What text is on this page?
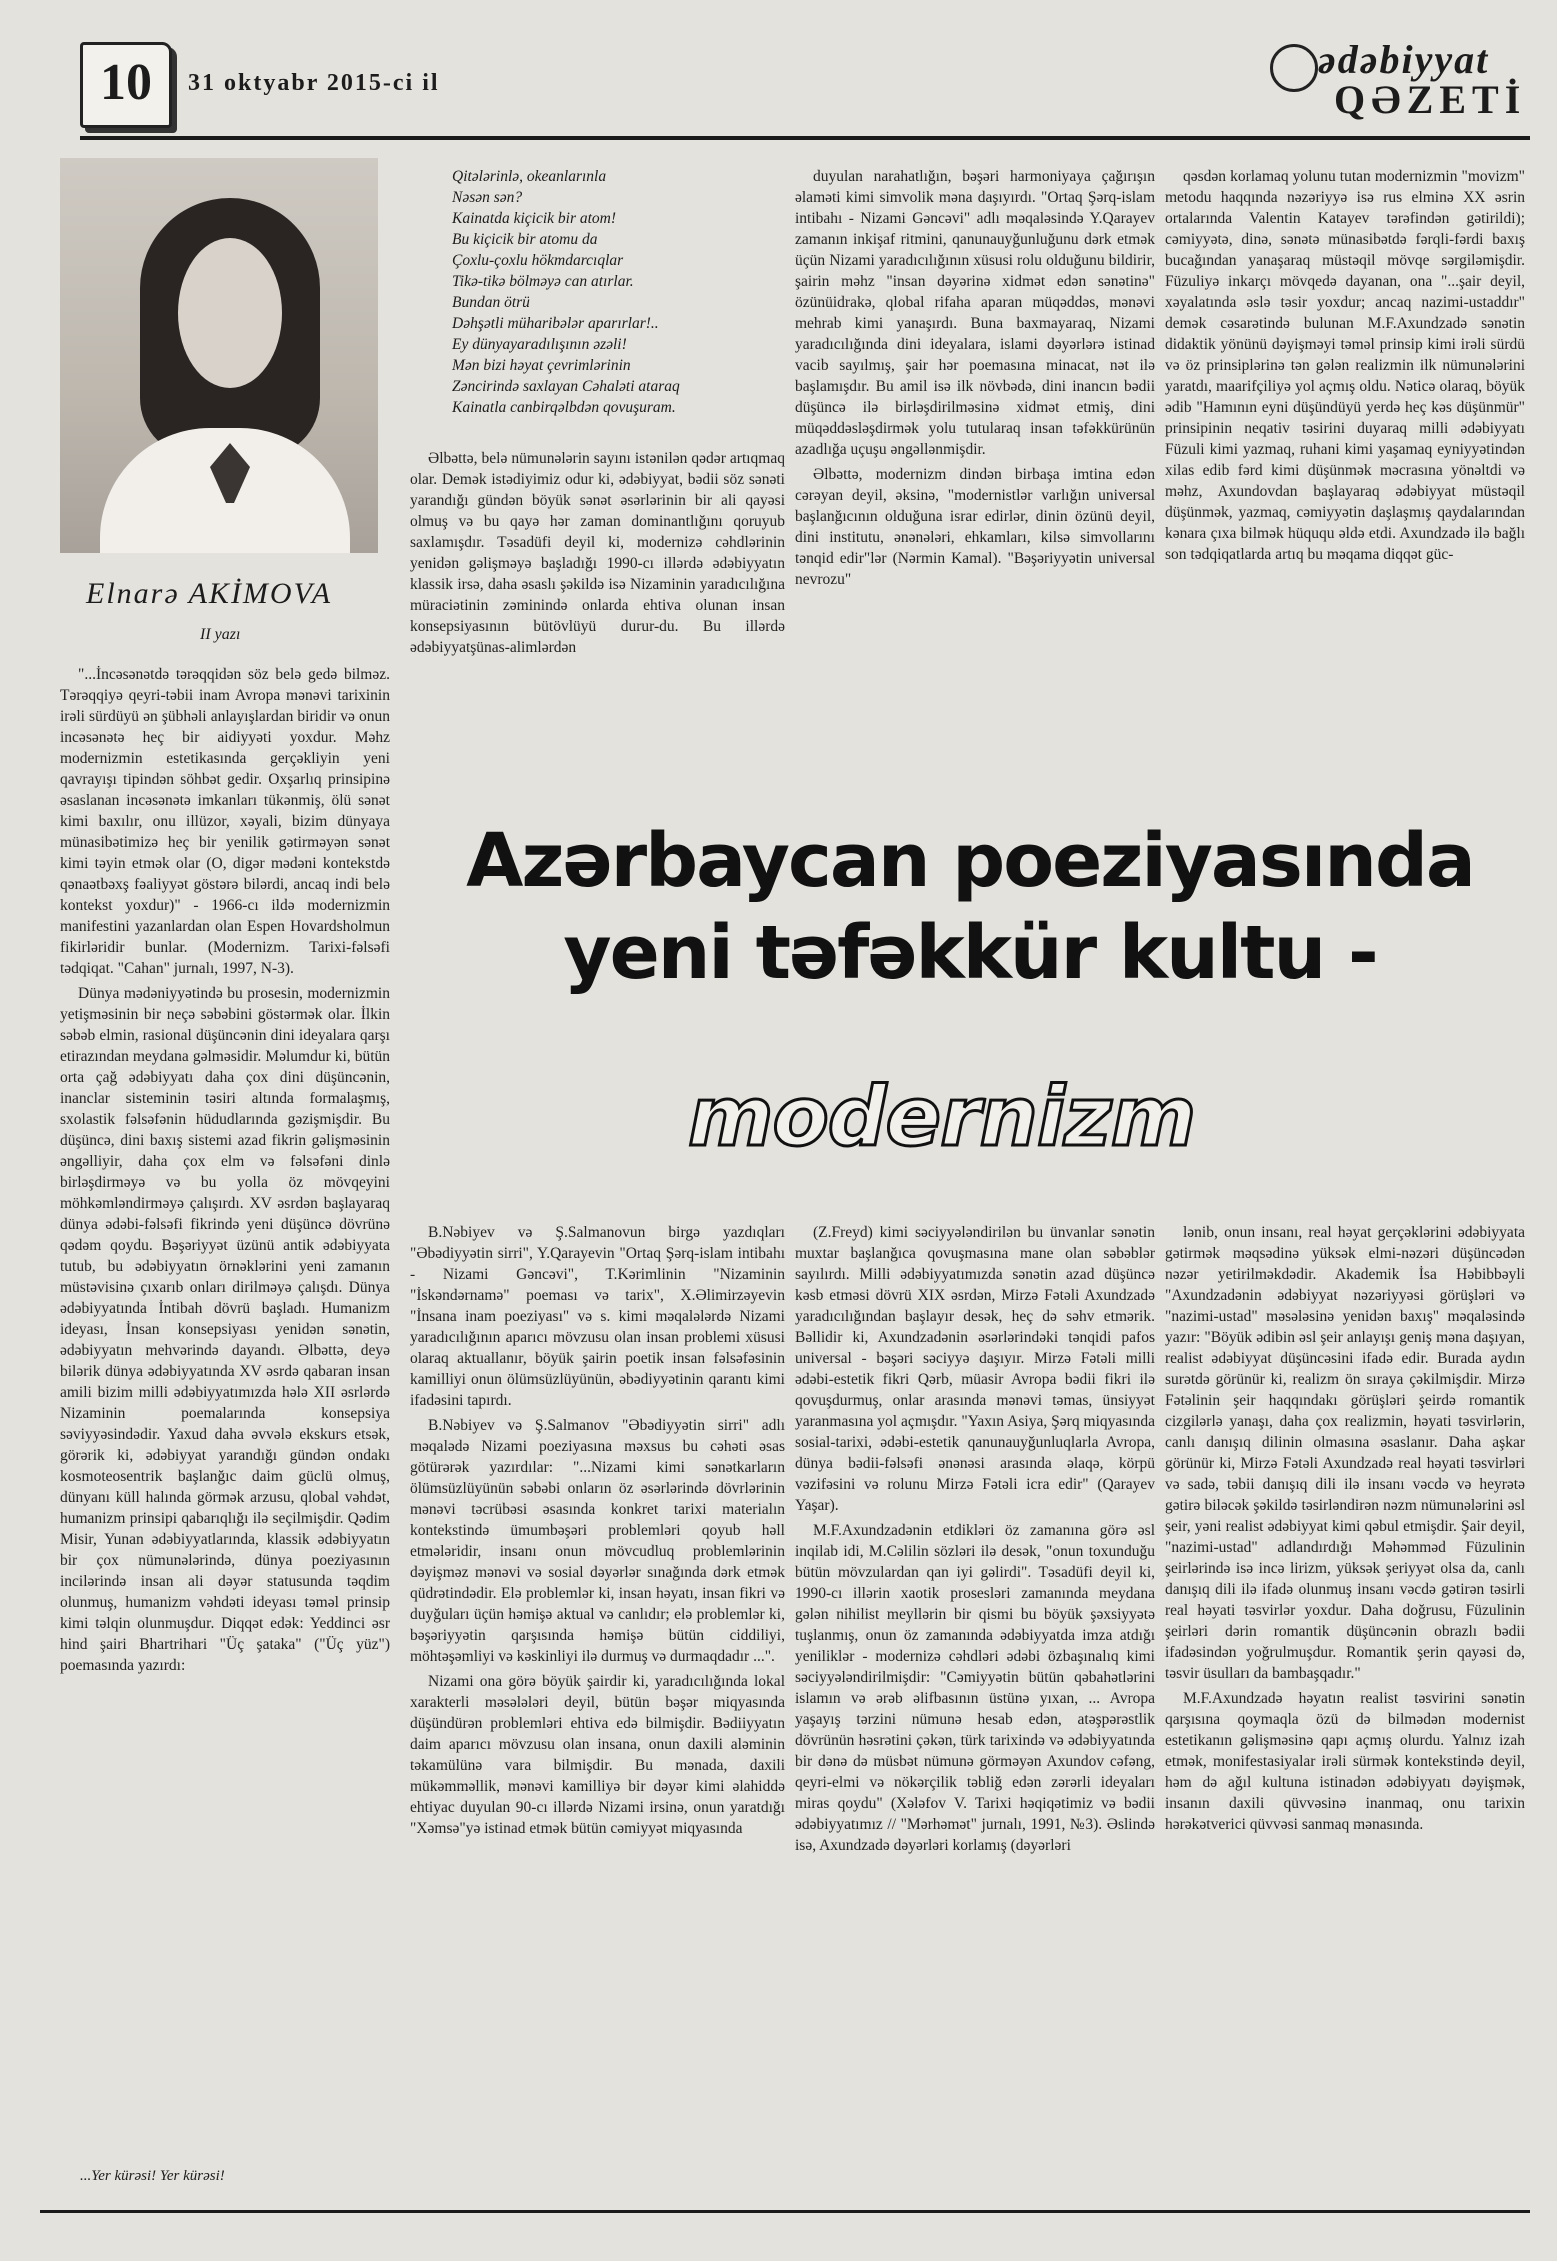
10	31 oktyabr 2015-ci il
ədəbiyyat
QƏZETİ
Elnarə AKİMOVA
II yazı

"...İncəsənətdə tərəqqidən söz belə gedə bilməz. Tərəqqiyə qeyri-təbii inam Avropa mənəvi tarixinin irəli sürdüyü ən şübhəli anlayışlardan biridir və onun incəsənətə heç bir aidiyyəti yoxdur. Məhz modernizmin estetikasında gerçəkliyin yeni qavrayışı tipindən söhbət gedir. Oxşarlıq prinsipinə əsaslanan incəsənətə imkanları tükənmiş, ölü sənət kimi baxılır, onu illüzor, xəyali, bizim dünyaya münasibətimizə heç bir yenilik gətirməyən sənət kimi təyin etmək olar (O, digər mədəni kontekstdə qənaətbəxş fəaliyyət göstərə bilərdi, ancaq indi belə kontekst yoxdur)" - 1966-cı ildə modernizmin manifestini yazanlardan olan Espen Hovardsholmun fikirləridir bunlar. (Modernizm. Tarixi-fəlsəfi tədqiqat. "Cahan" jurnalı, 1997, N-3).

Dünya mədəniyyətində bu prosesin, modernizmin yetişməsinin bir neçə səbəbini göstərmək olar. İlkin səbəb elmin, rasional düşüncənin dini ideyalara qarşı etirazından meydana gəlməsidir. Məlumdur ki, bütün orta çağ ədəbiyyatı daha çox dini düşüncənin, inanclar sisteminin təsiri altında formalaşmış, sxolastik fəlsəfənin hüdudlarında gəzişmişdir. Bu düşüncə, dini baxış sistemi azad fikrin gəlişməsinin əngəlliyir, daha çox elm və fəlsəfəni dinlə birləşdirməyə və bu yolla öz mövqeyini möhkəmləndirməyə çalışırdı. XV əsrdən başlayaraq dünya ədəbi-fəlsəfi fikrində yeni düşüncə dövrünə qədəm qoydu. Bəşəriyyət üzünü antik ədəbiyyata tutub, bu ədəbiyyatın örnəklərini yeni zamanın müstəvisinə çıxarıb onları dirilməyə çalışdı. Dünya ədəbiyyatında İntibah dövrü başladı. Humanizm ideyası, İnsan konsepsiyası yenidən sənətin, ədəbiyyatın mehvərində dayandı. Əlbəttə, deyə bilərik dünya ədəbiyyatında XV əsrdə qabaran insan amili bizim milli ədəbiyyatımızda hələ XII əsrlərdə Nizaminin poemalarında konsepsiya səviyyəsindədir. Yaxud daha əvvələ ekskurs etsək, görərik ki, ədəbiyyat yarandığı gündən ondakı kosmoteosentrik başlanğıc daim güclü olmuş, dünyanı küll halında görmək arzusu, qlobal vəhdət, humanizm prinsipi qabarıqlığı ilə seçilmişdir. Qədim Misir, Yunan ədəbiyyatlarında, klassik ədəbiyyatın bir çox nümunələrində, dünya poeziyasının incilərində insan ali dəyər statusunda təqdim olunmuş, humanizm vəhdəti ideyası təməl prinsip kimi təlqin olunmuşdur. Diqqət edək: Yeddinci əsr hind şairi Bhartrihari "Üç şataka" ("Üç yüz") poemasında yazırdı:

...Yer kürəsi! Yer kürəsi!
Qitələrinlə, okeanlarınla
Nəsən sən?
Kainatda kiçicik bir atom!
Bu kiçicik bir atomu da
Çoxlu-çoxlu hökmdarcıqlar
Tikə-tikə bölməyə can atırlar.
Bundan ötrü
Dəhşətli müharibələr aparırlar!..
Ey dünyayaradılışının əzəli!
Mən bizi həyat çevrimlərinin
Zəncirində saxlayan Cəhaləti ataraq
Kainatla canbirqəlbdən qovuşuram.

Əlbəttə, belə nümunələrin sayını istənilən qədər artıqmaq olar. Demək istədiyimiz odur ki, ədəbiyyat, bədii söz sənəti yarandığı gündən böyük sənət əsərlərinin bir ali qayəsi olmuş və bu qayə hər zaman dominantlığını qoruyub saxlamışdır. Təsadüfi deyil ki, modernizə cəhdlərinin yenidən gəlişməyə başladığı 1990-cı illərdə ədəbiyyatın klassik irsə, daha əsaslı şəkildə isə Nizaminin yaradıcılığına müraciətinin zəminində onlarda ehtiva olunan insan konsepsiyasının bütövlüyü durur-du. Bu illərdə ədəbiyyatşünas-alimlərdən

duyulan narahatlığın, bəşəri harmoniyaya çağırışın əlaməti kimi simvolik məna daşıyırdı. "Ortaq Şərq-islam intibahı - Nizami Gəncəvi" adlı məqaləsində Y.Qarayev zamanın inkişaf ritmini, qanunauyğunluğunu dərk etmək üçün Nizami yaradıcılığının xüsusi rolu olduğunu bildirir, şairin məhz "insan dəyərinə xidmət edən sənətinə" özünüidrakə, qlobal rifaha aparan müqəddəs, mənəvi mehrab kimi yanaşırdı. Buna baxmayaraq, Nizami yaradıcılığında dini ideyalara, islami dəyərlərə istinad vacib sayılmış, şair hər poemasına minacat, nət ilə başlamışdır. Bu amil isə ilk növbədə, dini inancın bədii düşüncə ilə birləşdirilməsinə xidmət etmiş, dini müqəddəsləşdirmək yolu tutularaq insan təfəkkürünün azadlığa uçuşu əngəllənmişdir.

Əlbəttə, modernizm dindən birbaşa imtina edən cərəyan deyil, əksinə, "modernistlər varlığın universal başlanğıcının olduğuna israr edirlər, dinin özünü deyil, dini institutu, ənənələri, ehkamları, kilsə simvollarını tənqid edir"lər (Nərmin Kamal). "Bəşəriyyətin universal nevrozu"

qəsdən korlamaq yolunu tutan modernizmin "movizm" metodu haqqında nəzəriyyə isə rus elminə XX əsrin ortalarında Valentin Katayev tərəfindən gətirildi); cəmiyyətə, dinə, sənətə münasibətdə fərqli-fərdi baxış bucağından yanaşaraq müstəqil mövqe sərgiləmişdir. Füzuliyə inkarçı mövqedə dayanan, ona "...şair deyil, xəyalatında əslə təsir yoxdur; ancaq nazimi-ustaddır" demək cəsarətində bulunan M.F.Axundzadə sənətin didaktik yönünü dəyişməyi təməl prinsip kimi irəli sürdü və öz prinsiplərinə tən gələn realizmin ilk nümunələrini yaratdı, maarifçiliyə yol açmış oldu. Nəticə olaraq, böyük ədib "Hamının eyni düşündüyü yerdə heç kəs düşünmür" prinsipinin neqativ təsirini duyaraq milli ədəbiyyatı Füzuli kimi yazmaq, ruhani kimi yaşamaq eyniyyətindən xilas edib fərd kimi düşünmək məcrasına yönəltdi və məhz, Axundovdan başlayaraq ədəbiyyat müstəqil düşünmək, yazmaq, cəmiyyətin daşlaşmış qaydalarından kənara çıxa bilmək hüququ əldə etdi. Axundzadə ilə bağlı son tədqiqatlarda artıq bu məqama diqqət güc-

Azərbaycan poeziyasında
yeni təfəkkür kultu -
modernizm

B.Nəbiyev və Ş.Salmanovun birgə yazdıqları "Əbədiyyətin sirri", Y.Qarayevin "Ortaq Şərq-islam intibahı - Nizami Gəncəvi", T.Kərimlinin "Nizaminin "İskəndərnamə" poeması və tarix", X.Əlimirzəyevin "İnsana inam poeziyası" və s. kimi məqalələrdə Nizami yaradıcılığının aparıcı mövzusu olan insan problemi xüsusi olaraq aktuallanır, böyük şairin poetik insan fəlsəfəsinin kamilliyi onun ölümsüzlüyünün, əbədiyyətinin qarantı kimi ifadəsini tapırdı.

B.Nəbiyev və Ş.Salmanov "Əbədiyyətin sirri" adlı məqalədə Nizami poeziyasına məxsus bu cəhəti əsas götürərək yazırdılar: "...Nizami kimi sənətkarların ölümsüzlüyünün səbəbi onların öz əsərlərində dövrlərinin mənəvi təcrübəsi əsasında konkret tarixi materialın kontekstində ümumbəşəri problemləri qoyub həll etmələridir, insanı onun mövcudluq problemlərinin dəyişməz mənəvi və sosial dəyərlər sınağında dərk etmək qüdrətindədir. Elə problemlər ki, insan həyatı, insan fikri və duyğuları üçün həmişə aktual və canlıdır; elə problemlər ki, bəşəriyyətin qarşısında həmişə bütün ciddiliyi, möhtəşəmliyi və kəskinliyi ilə durmuş və durmaqdadır ...".

Nizami ona görə böyük şairdir ki, yaradıcılığında lokal xarakterli məsələləri deyil, bütün bəşər miqyasında düşündürən problemləri ehtiva edə bilmişdir. Bədiiyyatın daim aparıcı mövzusu olan insana, onun daxili aləminin təkamülünə vara bilmişdir. Bu mənada, daxili mükəmməllik, mənəvi kamilliyə bir dəyər kimi əlahiddə ehtiyac duyulan 90-cı illərdə Nizami irsinə, onun yaratdığı "Xəmsə"yə istinad etmək bütün cəmiyyət miqyasında

(Z.Freyd) kimi səciyyələndirilən bu ünvanlar sənətin muxtar başlanğıca qovuşmasına mane olan səbəblər sayılırdı. Milli ədəbiyyatımızda sənətin azad düşüncə kəsb etməsi dövrü XIX əsrdən, Mirzə Fətəli Axundzadə yaradıcılığından başlayır desək, heç də səhv etmərik. Bəllidir ki, Axundzadənin əsərlərindəki tənqidi pafos universal - bəşəri səciyyə daşıyır. Mirzə Fətəli milli ədəbi-estetik fikri Qərb, müasir Avropa bədii fikri ilə qovuşdurmuş, onlar arasında mənəvi təmas, ünsiyyət yaranmasına yol açmışdır. "Yaxın Asiya, Şərq miqyasında sosial-tarixi, ədəbi-estetik qanunauyğunluqlarla Avropa, dünya bədii-fəlsəfi ənənəsi arasında əlaqə, körpü vəzifəsini və rolunu Mirzə Fətəli icra edir" (Qarayev Yaşar).

M.F.Axundzadənin etdikləri öz zamanına görə əsl inqilab idi, M.Cəlilin sözləri ilə desək, "onun toxunduğu bütün mövzulardan qan iyi gəlirdi". Təsadüfi deyil ki, 1990-cı illərin xaotik prosesləri zamanında meydana gələn nihilist meyllərin bir qismi bu böyük şəxsiyyətə tuşlanmış, onun öz zamanında ədəbiyyatda imza atdığı yeniliklər - modernizə cəhdləri ədəbi özbaşınalıq kimi səciyyələndirilmişdir: "Cəmiyyətin bütün qəbahətlərini islamın və ərəb əlifbasının üstünə yıxan, ... Avropa yaşayış tərzini nümunə hesab edən, atəşpərəstlik dövrünün həsrətini çəkən, türk tarixində və ədəbiyyatında bir dənə də müsbət nümunə görməyən Axundov cəfəng, qeyri-elmi və nökərçilik təbliğ edən zərərli ideyaları miras qoydu" (Xələfov V. Tarixi həqiqətimiz və bədii ədəbiyyatımız // "Mərhəmət" jurnalı, 1991, №3). Əslində isə, Axundzadə dəyərləri korlamış (dəyərləri

lənib, onun insanı, real həyat gerçəklərini ədəbiyyata gətirmək məqsədinə yüksək elmi-nəzəri düşüncədən nəzər yetirilməkdədir. Akademik İsa Həbibbəyli "Axundzadənin ədəbiyyat nəzəriyyəsi görüşləri və "nazimi-ustad" məsələsinə yenidən baxış" məqaləsində yazır: "Böyük ədibin əsl şeir anlayışı geniş məna daşıyan, realist ədəbiyyat düşüncəsini ifadə edir. Burada aydın surətdə görünür ki, realizm ön sıraya çəkilmişdir. Mirzə Fətəlinin şeir haqqındakı görüşləri şeirdə romantik cizgilərlə yanaşı, daha çox realizmin, həyati təsvirlərin, canlı danışıq dilinin olmasına əsaslanır. Daha aşkar görünür ki, Mirzə Fətəli Axundzadə real həyati təsvirləri və sadə, təbii danışıq dili ilə insanı vəcdə və heyrətə gətirə biləcək şəkildə təsirləndirən nəzm nümunələrini əsl şeir, yəni realist ədəbiyyat kimi qəbul etmişdir. Şair deyil, "nazimi-ustad" adlandırdığı Məhəmməd Füzulinin şeirlərində isə incə lirizm, yüksək şeriyyət olsa da, canlı danışıq dili ilə ifadə olunmuş insanı vəcdə gətirən təsirli real həyati təsvirlər yoxdur. Daha doğrusu, Füzulinin şeirləri dərin romantik düşüncənin obrazlı bədii ifadəsindən yoğrulmuşdur. Romantik şerin qayəsi də, təsvir üsulları da bambaşqadır."

M.F.Axundzadə həyatın realist təsvirini sənətin qarşısına qoymaqla özü də bilmədən modernist estetikanın gəlişməsinə qapı açmış olurdu. Yalnız izah etmək, monifestasiyalar irəli sürmək kontekstində deyil, həm də ağıl kultuna istinadən ədəbiyyatı dəyişmək, insanın daxili qüvvəsinə inanmaq, onu tarixin hərəkətverici qüvvəsi sanmaq mənasında.
